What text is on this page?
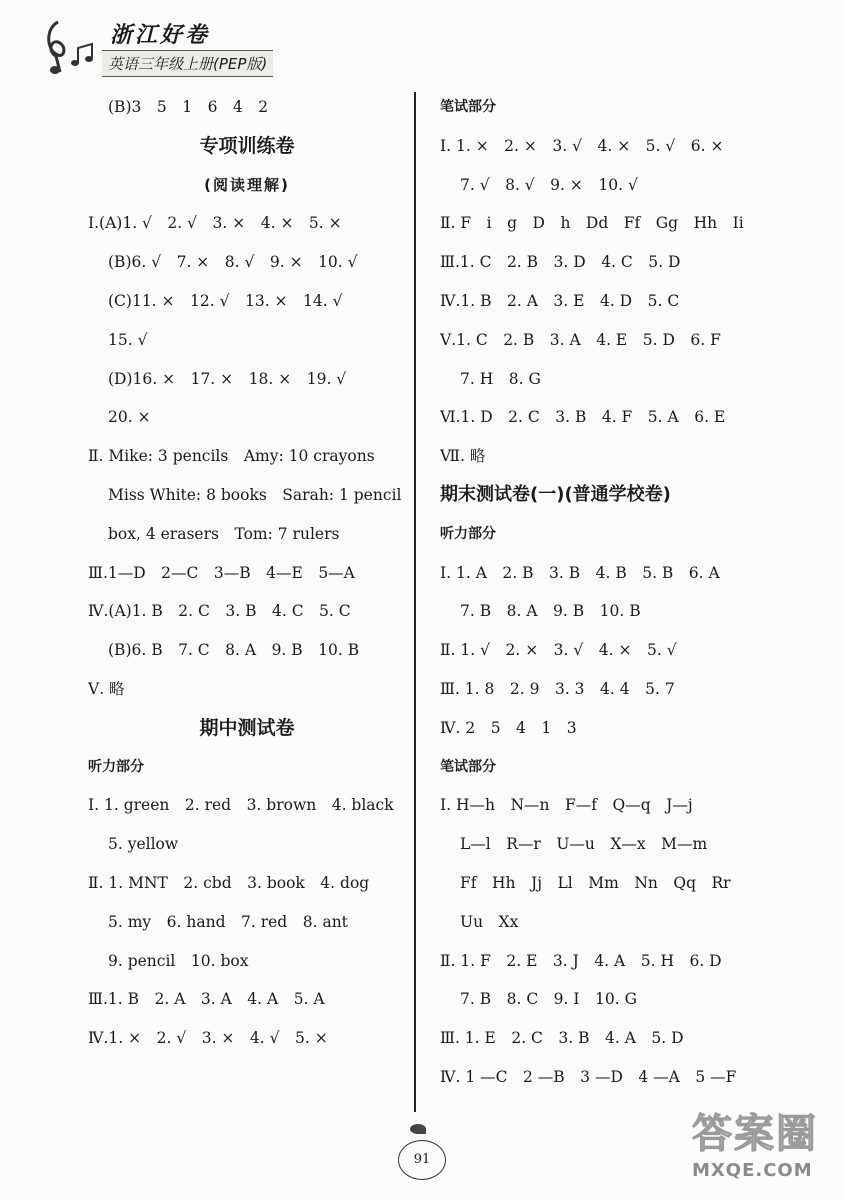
浙江好卷
英语三年级上册(PEP版)
(B)3　5　1　6　4　2
专项训练卷
(阅读理解)
Ⅰ.(A)1. √　2. √　3. ×　4. ×　5. ×
(B)6. √　7. ×　8. √　9. ×　10. √
(C)11. ×　12. √　13. ×　14. √
15. √
(D)16. ×　17. ×　18. ×　19. √
20. ×
Ⅱ. Mike: 3 pencils　Amy: 10 crayons
Miss White: 8 books　Sarah: 1 pencil
box, 4 erasers　Tom: 7 rulers
Ⅲ.1—D　2—C　3—B　4—E　5—A
Ⅳ.(A)1. B　2. C　3. B　4. C　5. C
(B)6. B　7. C　8. A　9. B　10. B
Ⅴ. 略
期中测试卷
听力部分
Ⅰ. 1. green　2. red　3. brown　4. black
5. yellow
Ⅱ. 1. MNT　2. cbd　3. book　4. dog
5. my　6. hand　7. red　8. ant
9. pencil　10. box
Ⅲ.1. B　2. A　3. A　4. A　5. A
Ⅳ.1. ×　2. √　3. ×　4. √　5. ×
笔试部分
Ⅰ. 1. ×　2. ×　3. √　4. ×　5. √　6. ×
7. √　8. √　9. ×　10. √
Ⅱ. F　i　g　D　h　Dd　Ff　Gg　Hh　Ii
Ⅲ.1. C　2. B　3. D　4. C　5. D
Ⅳ.1. B　2. A　3. E　4. D　5. C
Ⅴ.1. C　2. B　3. A　4. E　5. D　6. F
7. H　8. G
Ⅵ.1. D　2. C　3. B　4. F　5. A　6. E
Ⅶ. 略
期末测试卷(一)(普通学校卷)
听力部分
Ⅰ. 1. A　2. B　3. B　4. B　5. B　6. A
7. B　8. A　9. B　10. B
Ⅱ. 1. √　2. ×　3. √　4. ×　5. √
Ⅲ. 1. 8　2. 9　3. 3　4. 4　5. 7
Ⅳ. 2　5　4　1　3
笔试部分
Ⅰ. H—h　N—n　F—f　Q—q　J—j
L—l　R—r　U—u　X—x　M—m
Ff　Hh　Jj　Ll　Mm　Nn　Qq　Rr
Uu　Xx
Ⅱ. 1. F　2. E　3. J　4. A　5. H　6. D
7. B　8. C　9. I　10. G
Ⅲ. 1. E　2. C　3. B　4. A　5. D
Ⅳ. 1 —C　2 —B　3 —D　4 —A　5 —F
91
答案圈
MXQE.COM
